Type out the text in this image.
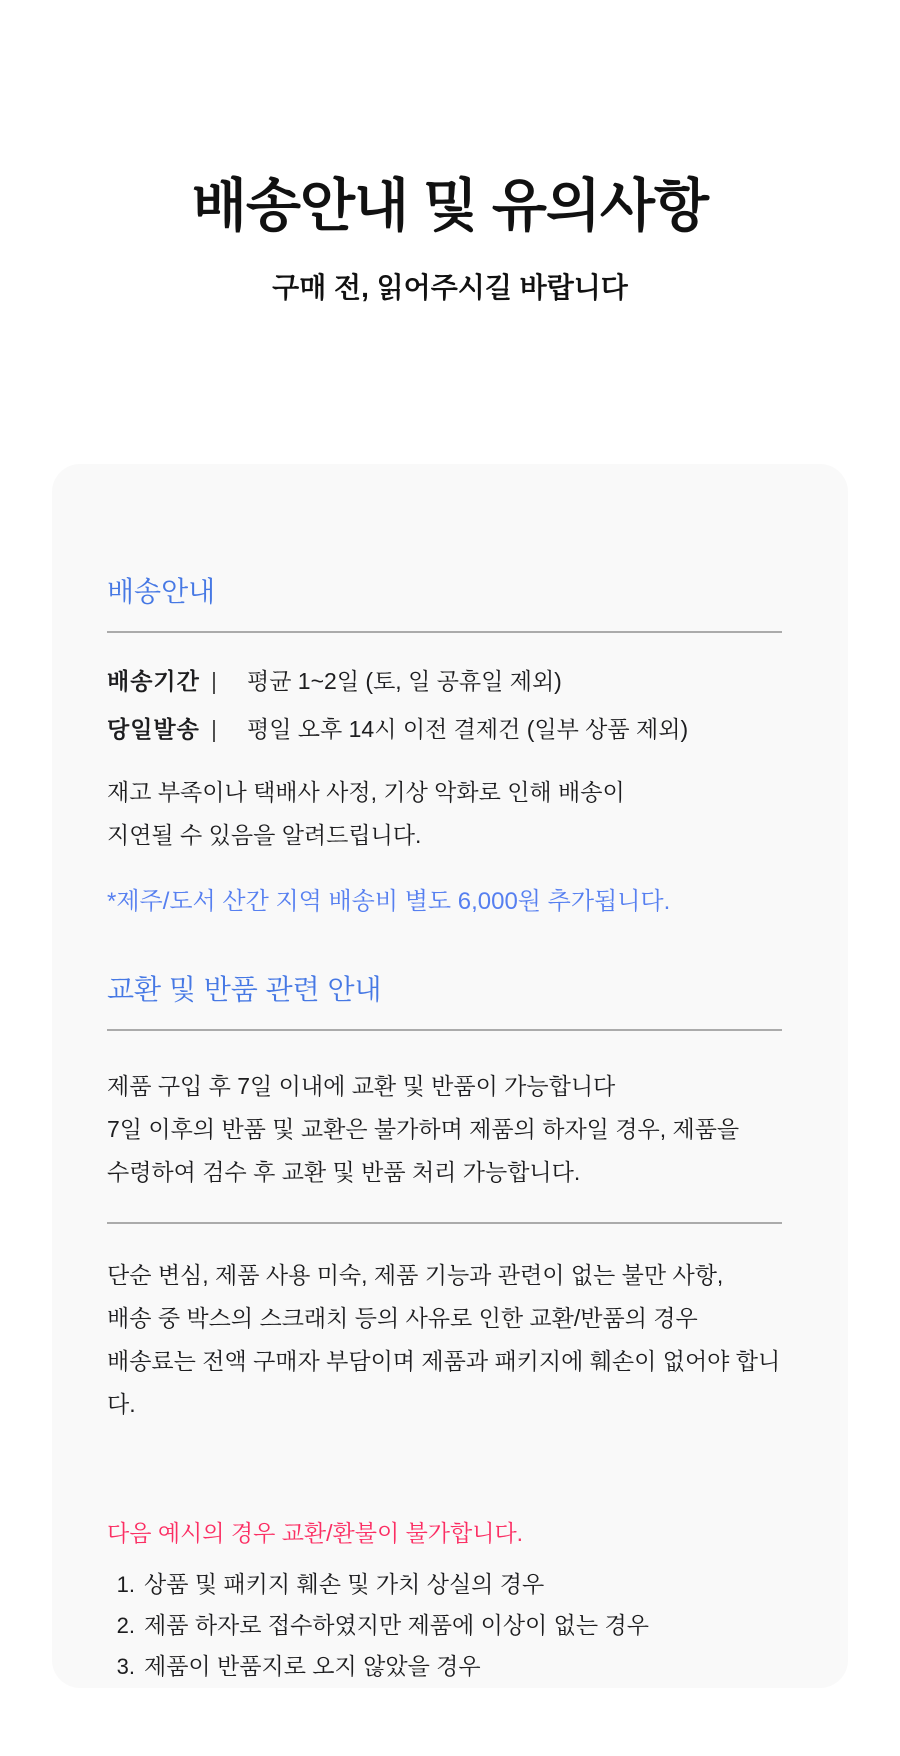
배송안내 및 유의사항
구매 전, 읽어주시길 바랍니다
배송안내
배송기간 | 평균 1~2일 (토, 일 공휴일 제외)
당일발송 | 평일 오후 14시 이전 결제건 (일부 상품 제외)
재고 부족이나 택배사 사정, 기상 악화로 인해 배송이
지연될 수 있음을 알려드립니다.
*제주/도서 산간 지역 배송비 별도 6,000원 추가됩니다.
교환 및 반품 관련 안내
제품 구입 후 7일 이내에 교환 및 반품이 가능합니다
7일 이후의 반품 및 교환은 불가하며 제품의 하자일 경우, 제품을
수령하여 검수 후 교환 및 반품 처리 가능합니다.
단순 변심, 제품 사용 미숙, 제품 기능과 관련이 없는 불만 사항,
배송 중 박스의 스크래치 등의 사유로 인한 교환/반품의 경우
배송료는 전액 구매자 부담이며 제품과 패키지에 훼손이 없어야 합니다.
다음 예시의 경우 교환/환불이 불가합니다.
1. 상품 및 패키지 훼손 및 가치 상실의 경우
2. 제품 하자로 접수하였지만 제품에 이상이 없는 경우
3. 제품이 반품지로 오지 않았을 경우
